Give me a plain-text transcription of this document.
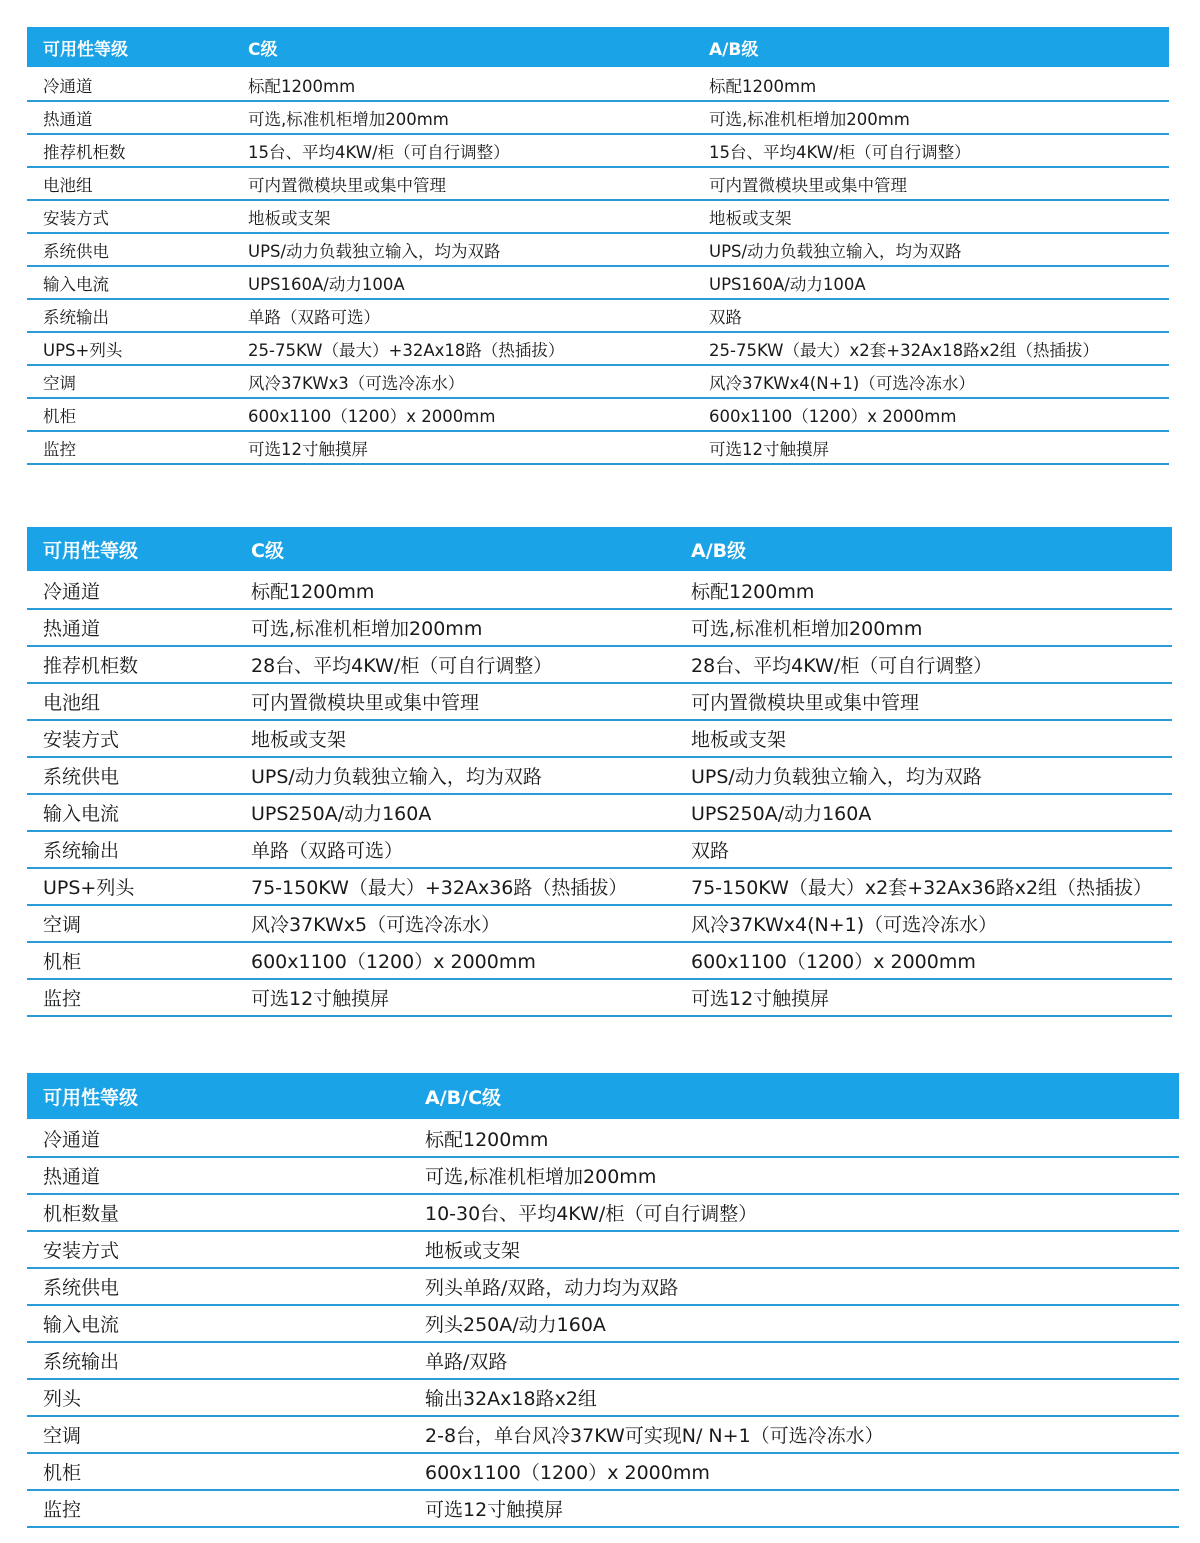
可用性等级	C级	A/B级
冷通道	标配1200mm	标配1200mm
热通道	可选,标准机柜增加200mm	可选,标准机柜增加200mm
推荐机柜数	15台、平均4KW/柜（可自行调整）	15台、平均4KW/柜（可自行调整）
电池组	可内置微模块里或集中管理	可内置微模块里或集中管理
安装方式	地板或支架	地板或支架
系统供电	UPS/动力负载独立输入，均为双路	UPS/动力负载独立输入，均为双路
输入电流	UPS160A/动力100A	UPS160A/动力100A
系统输出	单路（双路可选）	双路
UPS+列头	25-75KW（最大）+32Ax18路（热插拔）	25-75KW（最大）x2套+32Ax18路x2组（热插拔）
空调	风冷37KWx3（可选冷冻水）	风冷37KWx4(N+1)（可选冷冻水）
机柜	600x1100（1200）x 2000mm	600x1100（1200）x 2000mm
监控	可选12寸触摸屏	可选12寸触摸屏
可用性等级	C级	A/B级
冷通道	标配1200mm	标配1200mm
热通道	可选,标准机柜增加200mm	可选,标准机柜增加200mm
推荐机柜数	28台、平均4KW/柜（可自行调整）	28台、平均4KW/柜（可自行调整）
电池组	可内置微模块里或集中管理	可内置微模块里或集中管理
安装方式	地板或支架	地板或支架
系统供电	UPS/动力负载独立输入，均为双路	UPS/动力负载独立输入，均为双路
输入电流	UPS250A/动力160A	UPS250A/动力160A
系统输出	单路（双路可选）	双路
UPS+列头	75-150KW（最大）+32Ax36路（热插拔）	75-150KW（最大）x2套+32Ax36路x2组（热插拔）
空调	风冷37KWx5（可选冷冻水）	风冷37KWx4(N+1)（可选冷冻水）
机柜	600x1100（1200）x 2000mm	600x1100（1200）x 2000mm
监控	可选12寸触摸屏	可选12寸触摸屏
可用性等级	A/B/C级
冷通道	标配1200mm
热通道	可选,标准机柜增加200mm
机柜数量	10-30台、平均4KW/柜（可自行调整）
安装方式	地板或支架
系统供电	列头单路/双路，动力均为双路
输入电流	列头250A/动力160A
系统输出	单路/双路
列头	输出32Ax18路x2组
空调	2-8台，单台风冷37KW可实现N/ N+1（可选冷冻水）
机柜	600x1100（1200）x 2000mm
监控	可选12寸触摸屏
